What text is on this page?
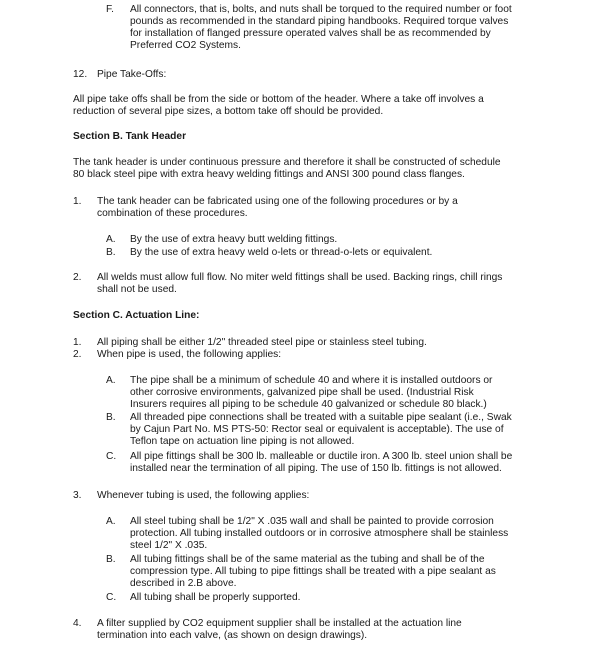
F. All connectors, that is, bolts, and nuts shall be torqued to the required number or foot
pounds as recommended in the standard piping handbooks. Required torque valves
for installation of flanged pressure operated valves shall be as recommended by
Preferred CO2 Systems.
12. Pipe Take-Offs:
All pipe take offs shall be from the side or bottom of the header. Where a take off involves a
reduction of several pipe sizes, a bottom take off should be provided.
Section B. Tank Header
The tank header is under continuous pressure and therefore it shall be constructed of schedule
80 black steel pipe with extra heavy welding fittings and ANSI 300 pound class flanges.
1. The tank header can be fabricated using one of the following procedures or by a
combination of these procedures.
A. By the use of extra heavy butt welding fittings.
B. By the use of extra heavy weld o-lets or thread-o-lets or equivalent.
2. All welds must allow full flow. No miter weld fittings shall be used. Backing rings, chill rings
shall not be used.
Section C. Actuation Line:
1. All piping shall be either 1/2" threaded steel pipe or stainless steel tubing.
2. When pipe is used, the following applies:
A. The pipe shall be a minimum of schedule 40 and where it is installed outdoors or
other corrosive environments, galvanized pipe shall be used. (Industrial Risk
Insurers requires all piping to be schedule 40 galvanized or schedule 80 black.)
B. All threaded pipe connections shall be treated with a suitable pipe sealant (i.e., Swak
by Cajun Part No. MS PTS-50: Rector seal or equivalent is acceptable). The use of
Teflon tape on actuation line piping is not allowed.
C. All pipe fittings shall be 300 lb. malleable or ductile iron. A 300 lb. steel union shall be
installed near the termination of all piping. The use of 150 lb. fittings is not allowed.
3. Whenever tubing is used, the following applies:
A. All steel tubing shall be 1/2" X .035 wall and shall be painted to provide corrosion
protection. All tubing installed outdoors or in corrosive atmosphere shall be stainless
steel 1/2" X .035.
B. All tubing fittings shall be of the same material as the tubing and shall be of the
compression type. All tubing to pipe fittings shall be treated with a pipe sealant as
described in 2.B above.
C. All tubing shall be properly supported.
4. A filter supplied by CO2 equipment supplier shall be installed at the actuation line
termination into each valve, (as shown on design drawings).
